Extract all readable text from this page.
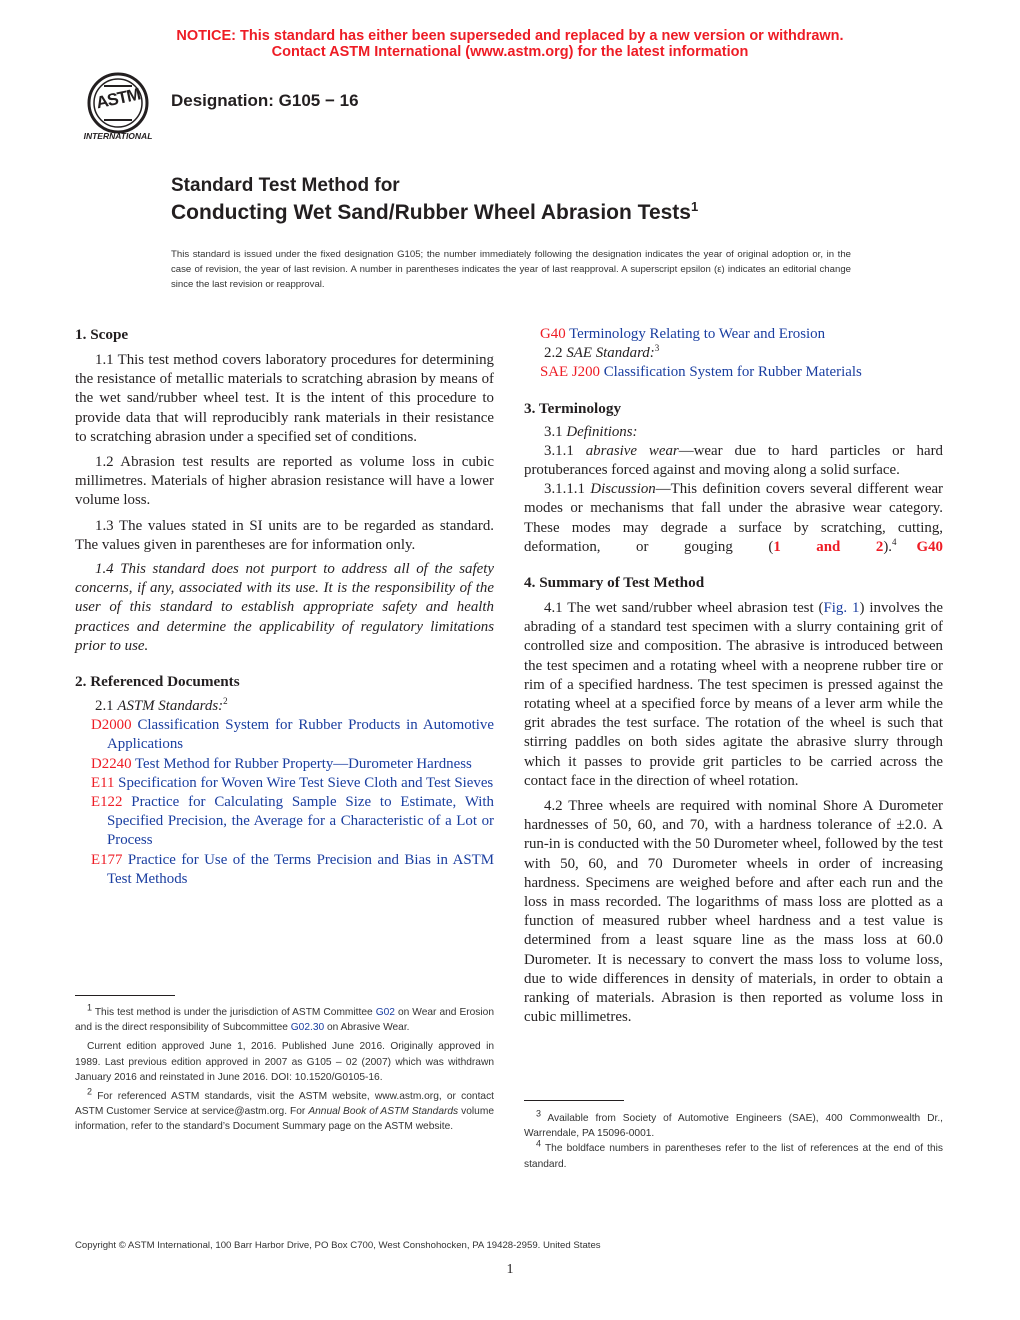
NOTICE: This standard has either been superseded and replaced by a new version or withdrawn.
Contact ASTM International (www.astm.org) for the latest information
ASTM
INTERNATIONAL
Designation: G105 − 16
Standard Test Method for
Conducting Wet Sand/Rubber Wheel Abrasion Tests$^1$
This standard is issued under the fixed designation G105; the number immediately following the designation indicates the year of original adoption or, in the case of revision, the year of last revision. A number in parentheses indicates the year of last reapproval. A superscript epsilon (ε) indicates an editorial change since the last revision or reapproval.
1. Scope

1.1 This test method covers laboratory procedures for determining the resistance of metallic materials to scratching abrasion by means of the wet sand/rubber wheel test. It is the intent of this procedure to provide data that will reproducibly rank materials in their resistance to scratching abrasion under a specified set of conditions.

1.2 Abrasion test results are reported as volume loss in cubic millimetres. Materials of higher abrasion resistance will have a lower volume loss.

1.3 The values stated in SI units are to be regarded as standard. The values given in parentheses are for information only.

1.4 This standard does not purport to address all of the safety concerns, if any, associated with its use. It is the responsibility of the user of this standard to establish appropriate safety and health practices and determine the applicability of regulatory limitations prior to use.

2. Referenced Documents

2.1 ASTM Standards:$^2$

D2000 Classification System for Rubber Products in Automotive Applications

D2240 Test Method for Rubber Property—Durometer Hardness

E11 Specification for Woven Wire Test Sieve Cloth and Test Sieves

E122 Practice for Calculating Sample Size to Estimate, With Specified Precision, the Average for a Characteristic of a Lot or Process

E177 Practice for Use of the Terms Precision and Bias in ASTM Test Methods

$^1$ This test method is under the jurisdiction of ASTM Committee G02 on Wear and Erosion and is the direct responsibility of Subcommittee G02.30 on Abrasive Wear.

Current edition approved June 1, 2016. Published June 2016. Originally approved in 1989. Last previous edition approved in 2007 as G105 – 02 (2007) which was withdrawn January 2016 and reinstated in June 2016. DOI: 10.1520/G0105-16.

$^2$ For referenced ASTM standards, visit the ASTM website, www.astm.org, or contact ASTM Customer Service at service@astm.org. For Annual Book of ASTM Standards volume information, refer to the standard’s Document Summary page on the ASTM website.

G40 Terminology Relating to Wear and Erosion

2.2 SAE Standard:$^3$

SAE J200 Classification System for Rubber Materials

3. Terminology

3.1 Definitions:

3.1.1 abrasive wear—wear due to hard particles or hard protuberances forced against and moving along a solid surface.

3.1.1.1 Discussion—This definition covers several different wear modes or mechanisms that fall under the abrasive wear category. These modes may degrade a surface by scratching, cutting, deformation, or gouging (1 and 2).$^4$	G40

4. Summary of Test Method

4.1 The wet sand/rubber wheel abrasion test (Fig. 1) involves the abrading of a standard test specimen with a slurry containing grit of controlled size and composition. The abrasive is introduced between the test specimen and a rotating wheel with a neoprene rubber tire or rim of a specified hardness. The test specimen is pressed against the rotating wheel at a specified force by means of a lever arm while the grit abrades the test surface. The rotation of the wheel is such that stirring paddles on both sides agitate the abrasive slurry through which it passes to provide grit particles to be carried across the contact face in the direction of wheel rotation.

4.2 Three wheels are required with nominal Shore A Durometer hardnesses of 50, 60, and 70, with a hardness tolerance of ±2.0. A run-in is conducted with the 50 Durometer wheel, followed by the test with 50, 60, and 70 Durometer wheels in order of increasing hardness. Specimens are weighed before and after each run and the loss in mass recorded. The logarithms of mass loss are plotted as a function of measured rubber wheel hardness and a test value is determined from a least square line as the mass loss at 60.0 Durometer. It is necessary to convert the mass loss to volume loss, due to wide differences in density of materials, in order to obtain a ranking of materials. Abrasion is then reported as volume loss in cubic millimetres.

$^3$ Available from Society of Automotive Engineers (SAE), 400 Commonwealth Dr., Warrendale, PA 15096-0001.

$^4$ The boldface numbers in parentheses refer to the list of references at the end of this standard.

Copyright © ASTM International, 100 Barr Harbor Drive, PO Box C700, West Conshohocken, PA 19428-2959. United States
1
